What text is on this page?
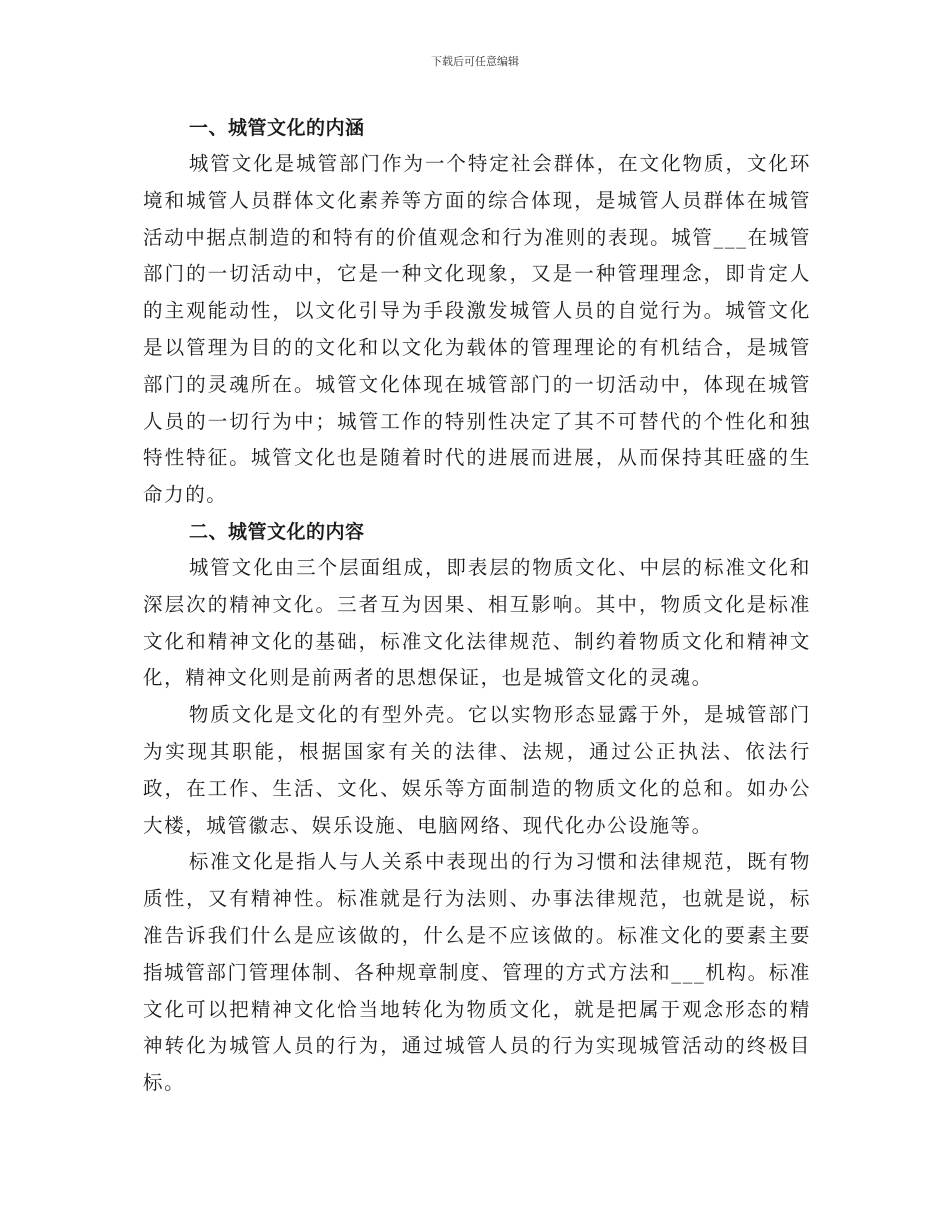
下载后可任意编辑
一、城管文化的内涵

城管文化是城管部门作为一个特定社会群体，在文化物质，文化环境和城管人员群体文化素养等方面的综合体现，是城管人员群体在城管活动中据点制造的和特有的价值观念和行为准则的表现。城管___在城管部门的一切活动中，它是一种文化现象，又是一种管理理念，即肯定人的主观能动性，以文化引导为手段激发城管人员的自觉行为。城管文化是以管理为目的的文化和以文化为载体的管理理论的有机结合，是城管部门的灵魂所在。城管文化体现在城管部门的一切活动中，体现在城管人员的一切行为中；城管工作的特别性决定了其不可替代的个性化和独特性特征。城管文化也是随着时代的进展而进展，从而保持其旺盛的生命力的。

二、城管文化的内容

城管文化由三个层面组成，即表层的物质文化、中层的标准文化和深层次的精神文化。三者互为因果、相互影响。其中，物质文化是标准文化和精神文化的基础，标准文化法律规范、制约着物质文化和精神文化，精神文化则是前两者的思想保证，也是城管文化的灵魂。

物质文化是文化的有型外壳。它以实物形态显露于外，是城管部门为实现其职能，根据国家有关的法律、法规，通过公正执法、依法行政，在工作、生活、文化、娱乐等方面制造的物质文化的总和。如办公大楼，城管徽志、娱乐设施、电脑网络、现代化办公设施等。

标准文化是指人与人关系中表现出的行为习惯和法律规范，既有物质性，又有精神性。标准就是行为法则、办事法律规范，也就是说，标准告诉我们什么是应该做的，什么是不应该做的。标准文化的要素主要指城管部门管理体制、各种规章制度、管理的方式方法和___机构。标准文化可以把精神文化恰当地转化为物质文化，就是把属于观念形态的精神转化为城管人员的行为，通过城管人员的行为实现城管活动的终极目标。
